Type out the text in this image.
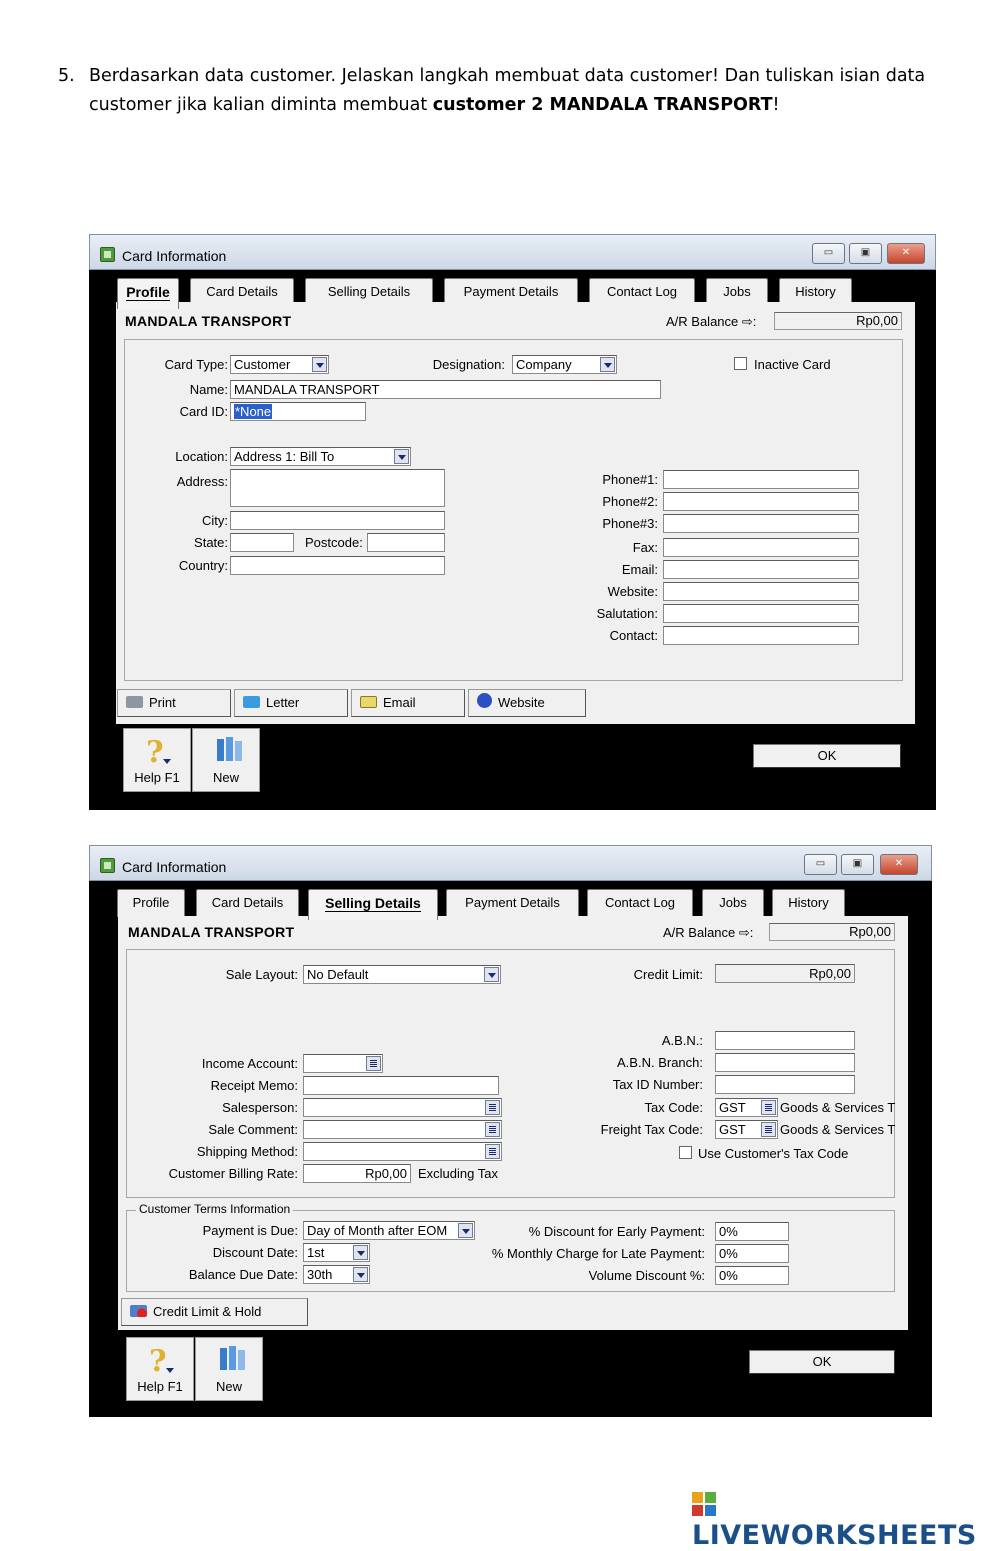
5. Berdasarkan data customer. Jelaskan langkah membuat data customer! Dan tuliskan isian data customer jika kalian diminta membuat customer 2 MANDALA TRANSPORT!
Card Information	▭	▣	✕
Profile	Card Details	Selling Details	Payment Details	Contact Log	Jobs	History
MANDALA TRANSPORT	A/R Balance ⇨:	Rp0,00
Card Type: Customer	Designation: Company	Inactive Card
Name: MANDALA TRANSPORT
Card ID: *None
Location: Address 1: Bill To
Address:
City:
State:	Postcode:
Country:
Phone#1:
Phone#2:
Phone#3:
Fax:
Email:
Website:
Salutation:
Contact:
Print	Letter	Email	Website
?
Help F1	New
OK
Card Information	▭	▣	✕
Profile	Card Details	Selling Details	Payment Details	Contact Log	Jobs	History
MANDALA TRANSPORT	A/R Balance ⇨:	Rp0,00
Sale Layout: No Default	Credit Limit:	Rp0,00
A.B.N.:
A.B.N. Branch:
Tax ID Number:
Income Account:
Receipt Memo:
Salesperson:
Sale Comment:
Shipping Method:
Customer Billing Rate:	Rp0,00 Excluding Tax
Tax Code:	GST	Goods & Services T
Freight Tax Code:	GST	Goods & Services T
Use Customer's Tax Code
Customer Terms Information
Payment is Due: Day of Month after EOM
Discount Date: 1st
Balance Due Date: 30th
% Discount for Early Payment:	0%
% Monthly Charge for Late Payment:	0%
Volume Discount %:	0%
Credit Limit & Hold
?
Help F1	New
OK
LIVEWORKSHEETS
